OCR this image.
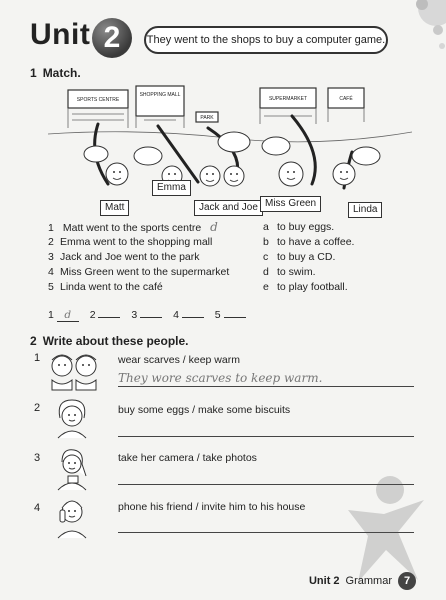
Unit 2	They went to the shops to buy a computer game.
1 Match.
SPORTS CENTRE
SHOPPING MALL
PARK
SUPERMARKET	CAFÉ
Matt
Emma
Jack and Joe Miss Green
Linda
1 Matt went to the sports centre d
2 Emma went to the shopping mall
3 Jack and Joe went to the park
4 Miss Green went to the supermarket
5 Linda went to the café
a to buy eggs.
b to have a coffee.
c to buy a CD.
d to swim.
e to play football.
1 d 2	3	4	5
2 Write about these people.
1	wear scarves / keep warm
They wore scarves to keep warm.
2	buy some eggs / make some biscuits
3	take her camera / take photos
4	phone his friend / invite him to his house
Unit 2 Grammar	7
